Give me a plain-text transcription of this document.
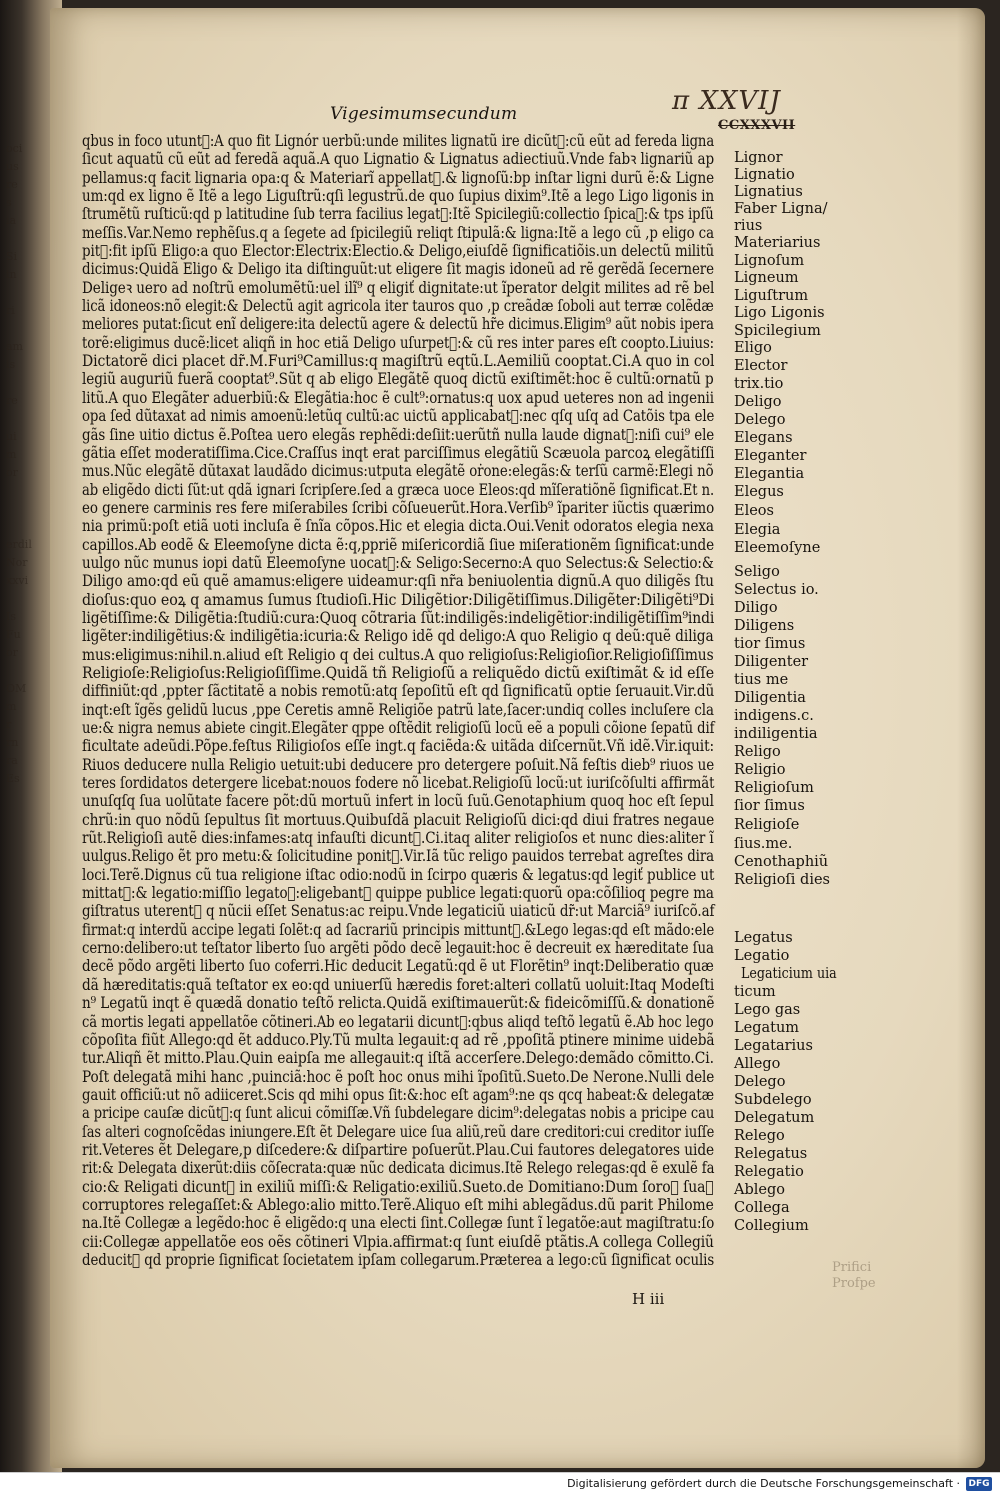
oci
us
re
s
ia

Si
in

ri

am
is

re

ui
m
or

erdil
Nor
xxvi

Is
Fu
or

OM
m
r
rn
ra
Es
Vigesimumsecundum	π XXVIJ
CCXXXVII
qbus in foco utunt᷑:A quo fit Lignór uerbũ:unde milites lignatũ ire dicũt᷑:cũ eũt ad fereda ligna
ſicut aquatũ cũ eũt ad feredã aquã.A quo Lignatio & Lignatus adiectiuũ.Vnde fabꝛ lignariũ ap
pellamus:q facit lignaria opa:q & Materiarĩ appellat᷑.& lignoſũ:bp inſtar ligni durũ ẽ:& Ligne
um:qd ex ligno ẽ Itẽ a lego Liguſtrũ:qſi legustrũ.de quo ſupius dixim⁹.Itẽ a lego Ligo ligonis in
ſtrumẽtũ ruſticũ:qd p latitudine ſub terra facilius legat᷑:Itẽ Spicilegiũ:collectio ſpicaꝝ:& tps ipſũ
meſſis.Var.Nemo rephẽſus.q a ſegete ad ſpicilegiũ reliqt ſtipulã:& ligna:Itẽ a lego cũ ,p eligo ca
pit᷑:fit ipſũ Eligo:a quo Elector:Electrix:Electio.& Deligo,eiuſdẽ ſignificatiõis.un delectũ militũ
dicimus:Quidã Eligo & Deligo ita diſtinguũt:ut eligere ſit magis idoneũ ad rẽ gerẽdã ſecernere
Deligeꝛ uero ad noſtrũ emolumẽtũ:uel ilĩ⁹ q eligiť dignitate:ut ĩperator delgit milites ad rẽ bel
licã idoneos:nõ elegit:& Delectũ agit agricola iter tauros quo ,p creãdæ ſoboli aut terræ colẽdæ
meliores putat:ſicut enĩ deligere:ita delectũ agere & delectũ hr̃e dicimus.Eligim⁹ aũt nobis ipera
torẽ:eligimus ducẽ:licet aliqñ in hoc etiã Deligo uſurpet᷑:& cũ res inter pares eſt coopto.Liuius:
Dictatorẽ dici placet dr̃.M.Furi⁹Camillus:q magiſtrũ eqtũ.L.Aemiliũ cooptat.Ci.A quo in col
legiũ auguriũ fuerã cooptat⁹.Sũt q ab eligo Elegãtẽ quoq dictũ exiſtimẽt:hoc ẽ cultũ:ornatũ p
litũ.A quo Elegãter aduerbiũ:& Elegãtia:hoc ẽ cult⁹:ornatus:q uox apud ueteres non ad ingenii
opa ſed dũtaxat ad nimis amoenũ:letũq cultũ:ac uictũ applicabat᷑:nec qſq uſq ad Catõis tpa ele
gãs ſine uitio dictus ẽ.Poſtea uero elegãs rephẽdi:deſiit:uerũtñ nulla laude dignat᷑:niſi cui⁹ ele
gãtia eſſet moderatiſſima.Cice.Craſſus inqt erat parciſſimus elegãtiũ Scæuola parcoꝝ elegãtiſſi
mus.Nũc elegãtẽ dũtaxat laudãdo dicimus:utputa elegãtẽ oṙone:elegãs:& terſũ carmẽ:Elegi nõ
ab eligẽdo dicti ſũt:ut qdã ignari ſcripſere.ſed a græca uoce Eleos:qd mĩſeratiõnẽ ſignificat.Et n.
eo genere carminis res fere miſerabiles ſcribi cõſueuerũt.Hora.Verſib⁹ ĩpariter iũctis quærimo
nia primũ:poſt etiã uoti incluſa ẽ ſnĩa cõpos.Hic et elegia dicta.Oui.Venit odoratos elegia nexa
capillos.Ab eodẽ & Eleemoſyne dicta ẽ:q,ppriẽ miſericordiã ſiue miſerationẽm ſignificat:unde
uulgo nũc munus iopi datũ Eleemoſyne uocat᷑:& Seligo:Secerno:A quo Selectus:& Selectio:&
Diligo amo:qd eũ quẽ amamus:eligere uideamur:qſi nr̃a beniuolentia dignũ.A quo diligẽs ſtu
dioſus:quo eoꝝ q amamus ſumus ſtudioſi.Hic Diligẽtior:Diligẽtiſſimus.Diligẽter:Diligẽti⁹Di
ligẽtiſſime:& Diligẽtia:ſtudiũ:cura:Quoq cõtraria ſũt:indiligẽs:indeligẽtior:indiligẽtiſſim⁹indi
ligẽter:indiligẽtius:& indiligẽtia:icuria:& Religo idẽ qd deligo:A quo Religio q deũ:quẽ diliga
mus:eligimus:nihil.n.aliud eſt Religio q dei cultus.A quo religioſus:Religioſior.Religioſiſſimus
Religioſe:Religioſus:Religioſiſſime.Quidã tñ Religioſũ a reliquẽdo dictũ exiſtimãt & id eſſe
diffiniũt:qd ,ppter ſãctitatẽ a nobis remotũ:atq ſepoſitũ eſt qd ſignificatũ optie ſeruauit.Vir.dũ
inqt:eſt ĩgẽs gelidũ lucus ,ppe Ceretis amnẽ Religiõe patrũ late,ſacer:undiq colles incluſere cla
ue:& nigra nemus abiete cingit.Elegãter qppe oſtẽdit religioſũ locũ eẽ a populi cõione ſepatũ dif
ficultate adeũdi.Põpe.feſtus Riligioſos eſſe ingt.q faciẽda:& uitãda diſcernũt.Vñ idẽ.Vir.iquit:
Riuos deducere nulla Religio uetuit:ubi deducere pro detergere poſuit.Nã feſtis dieb⁹ riuos ue
teres ſordidatos detergere licebat:nouos fodere nõ licebat.Religioſũ locũ:ut iuriſcõſulti affirmãt
unuſqſq ſua uolũtate facere põt:dũ mortuũ infert in locũ ſuũ.Genotaphium quoq hoc eſt ſepul
chrũ:in quo nõdũ ſepultus ſit mortuus.Quibuſdã placuit Religioſũ dici:qd diui fratres negaue
rũt.Religioſi autẽ dies:infames:atq infauſti dicunt᷑.Ci.itaq aliter religioſos et nunc dies:aliter ĩ
uulgus.Religo ẽt pro metu:& ſolicitudine ponit᷑.Vir.Iã tũc religo pauidos terrebat agreſtes dira
loci.Terẽ.Dignus cũ tua religione iſtac odio:nodũ in ſcirpo quæris & legatus:qd legiť publice ut
mittat᷑:& legatio:miſſio legatoꝝ:eligebant᷑ quippe publice legati:quorũ opa:cõſilioq pegre ma
giſtratus uterent᷑ q nũcii eſſet Senatus:ac reipu.Vnde legaticiũ uiaticũ dr̃:ut Marciã⁹ iuriſcõ.af
firmat:q interdũ accipe legati ſolẽt:q ad ſacrariũ principis mittunt᷑.&Lego legas:qd eſt mãdo:ele
cerno:delibero:ut teſtator liberto ſuo argẽti põdo decẽ legauit:hoc ẽ decreuit ex hæreditate ſua
decẽ põdo argẽti liberto ſuo coferri.Hic deducit Legatũ:qd ẽ ut Florẽtin⁹ inqt:Deliberatio quæ
dã hæreditatis:quã teſtator ex eo:qd uniuerſũ hæredis foret:alteri collatũ uoluit:Itaq Modeſti
n⁹ Legatũ inqt ẽ quædã donatio teſtõ relicta.Quidã exiſtimauerũt:& fideicõmiſſũ.& donationẽ
cã mortis legati appellatõe cõtineri.Ab eo legatarii dicunt᷑:qbus aliqd teſtõ legatũ ẽ.Ab hoc lego
cõpoſita fiũt Allego:qd ẽt adduco.Ply.Tũ multa legauit:q ad rẽ ,ppoſitã ptinere minime uidebã
tur.Aliqñ ẽt mitto.Plau.Quin eaipſa me allegauit:q iſtã accerſere.Delego:demãdo cõmitto.Ci.
Poſt delegatã mihi hanc ,puinciã:hoc ẽ poſt hoc onus mihi ĩpoſitũ.Sueto.De Nerone.Nulli dele
gauit officiũ:ut nõ adiiceret.Scis qd mihi opus ſit:&:hoc eſt agam⁹:ne qs qcq habeat:& delegatæ
a pricipe cauſæ dicũt᷑:q ſunt alicui cõmiſſæ.Vñ ſubdelegare dicim⁹:delegatas nobis a pricipe cau
ſas alteri cognoſcẽdas iniungere.Eſt ẽt Delegare uice ſua aliũ,reũ dare creditori:cui creditor iuſſe
rit.Veteres ẽt Delegare,p diſcedere:& diſpartire poſuerũt.Plau.Cui fautores delegatores uide
rit:& Delegata dixerũt:diis cõſecrata:quæ nũc dedicata dicimus.Itẽ Relego relegas:qd ẽ exulẽ fa
cio:& Religati dicunt᷑ in exiliũ miſſi:& Religatio:exiliũ.Sueto.de Domitiano:Dum ſoroꝝ ſuaꝝ
corruptores relegaſſet:& Ablego:alio mitto.Terẽ.Aliquo eſt mihi ablegãdus.dũ parit Philome
na.Itẽ Collegæ a legẽdo:hoc ẽ eligẽdo:q una electi ſint.Collegæ ſunt ĩ legatõe:aut magiſtratu:ſo
cii:Collegæ appellatõe eos oẽs cõtineri Vlpia.affirmat:q ſunt eiuſdẽ ptãtis.A collega Collegiũ
deducit᷑ qd proprie ſignificat ſocietatem ipſam collegarum.Præterea a lego:cũ ſignificat oculis
Lignor
Lignatio
Lignatius
Faber Ligna/
rius
Materiarius
Lignoſum
Ligneum
Liguſtrum
Ligo Ligonis
Spicilegium
Eligo
Elector
trix.tio
Deligo
Delego
Elegans
Eleganter
Elegantia
Elegus
Eleos
Elegia
Eleemoſyne
Seligo
Selectus io.
Diligo
Diligens
tior ſimus
Diligenter
tius me
Diligentia
indigens.c.
indiligentia
Religo
Religio
Religioſum
ſior ſimus
Religioſe
ſius.me.
Cenothaphiũ
Religioſi dies
Legatus
Legatio
Legaticium uia
ticum
Lego gas
Legatum
Legatarius
Allego
Delego
Subdelego
Delegatum
Relego
Relegatus
Relegatio
Ablego
Collega
Collegium
H iii
Prifici
Profpe
Digitalisierung gefördert durch die Deutsche Forschungsgemeinschaft · DFG
